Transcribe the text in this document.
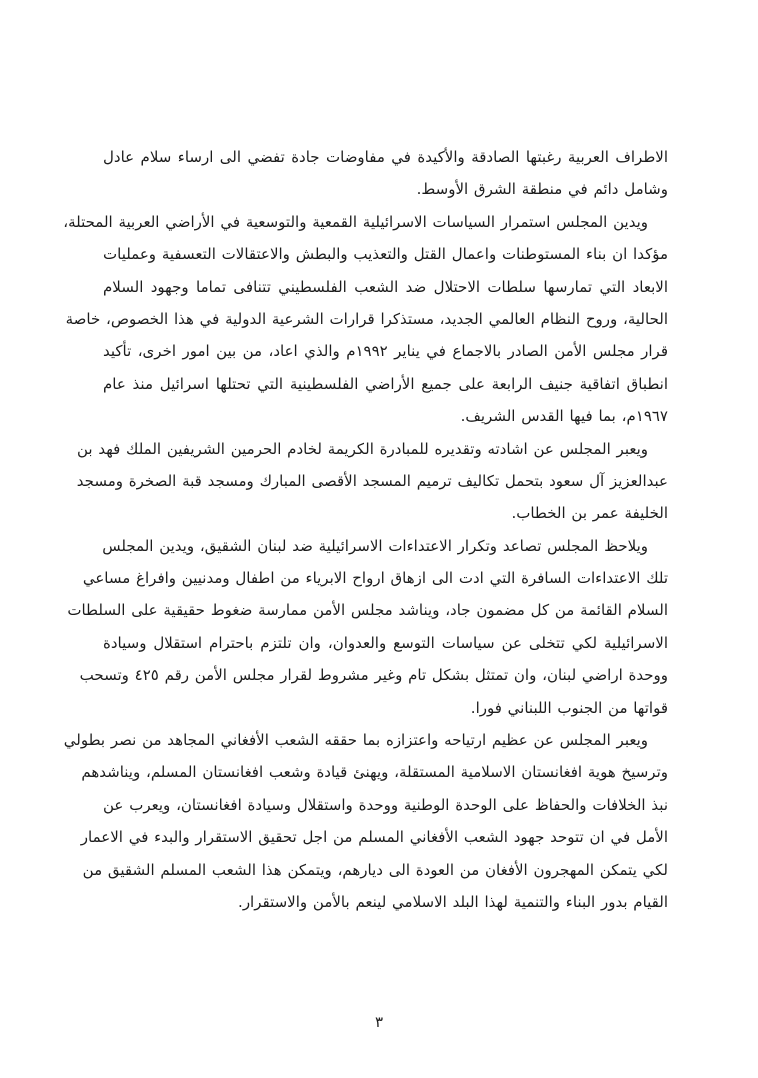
الاطراف العربية رغبتها الصادقة والأكيدة في مفاوضات جادة تفضي الى ارساء سلام عادل
وشامل دائم في منطقة الشرق الأوسط.
ويدين المجلس استمرار السياسات الاسرائيلية القمعية والتوسعية في الأراضي العربية المحتلة،
مؤكدا ان بناء المستوطنات واعمال القتل والتعذيب والبطش والاعتقالات التعسفية وعمليات
الابعاد التي تمارسها سلطات الاحتلال ضد الشعب الفلسطيني تتنافى تماما وجهود السلام
الحالية، وروح النظام العالمي الجديد، مستذكرا قرارات الشرعية الدولية في هذا الخصوص، خاصة
قرار مجلس الأمن الصادر بالاجماع في يناير ١٩٩٢م والذي اعاد، من بين امور اخرى، تأكيد
انطباق اتفاقية جنيف الرابعة على جميع الأراضي الفلسطينية التي تحتلها اسرائيل منذ عام
١٩٦٧م، بما فيها القدس الشريف.
ويعبر المجلس عن اشادته وتقديره للمبادرة الكريمة لخادم الحرمين الشريفين الملك فهد بن
عبدالعزيز آل سعود بتحمل تكاليف ترميم المسجد الأقصى المبارك ومسجد قبة الصخرة ومسجد
الخليفة عمر بن الخطاب.
ويلاحظ المجلس تصاعد وتكرار الاعتداءات الاسرائيلية ضد لبنان الشقيق، ويدين المجلس
تلك الاعتداءات السافرة التي ادت الى ازهاق ارواح الابرياء من اطفال ومدنيين وافراغ مساعي
السلام القائمة من كل مضمون جاد، ويناشد مجلس الأمن ممارسة ضغوط حقيقية على السلطات
الاسرائيلية لكي تتخلى عن سياسات التوسع والعدوان، وان تلتزم باحترام استقلال وسيادة
ووحدة اراضي لبنان، وان تمتثل بشكل تام وغير مشروط لقرار مجلس الأمن رقم ٤٢٥ وتسحب
قواتها من الجنوب اللبناني فورا.
ويعبر المجلس عن عظيم ارتياحه واعتزازه بما حققه الشعب الأفغاني المجاهد من نصر بطولي
وترسيخ هوية افغانستان الاسلامية المستقلة، ويهنئ قيادة وشعب افغانستان المسلم، ويناشدهم
نبذ الخلافات والحفاظ على الوحدة الوطنية ووحدة واستقلال وسيادة افغانستان، ويعرب عن
الأمل في ان تتوحد جهود الشعب الأفغاني المسلم من اجل تحقيق الاستقرار والبدء في الاعمار
لكي يتمكن المهجرون الأفغان من العودة الى ديارهم، ويتمكن هذا الشعب المسلم الشقيق من
القيام بدور البناء والتنمية لهذا البلد الاسلامي لينعم بالأمن والاستقرار.
٣
